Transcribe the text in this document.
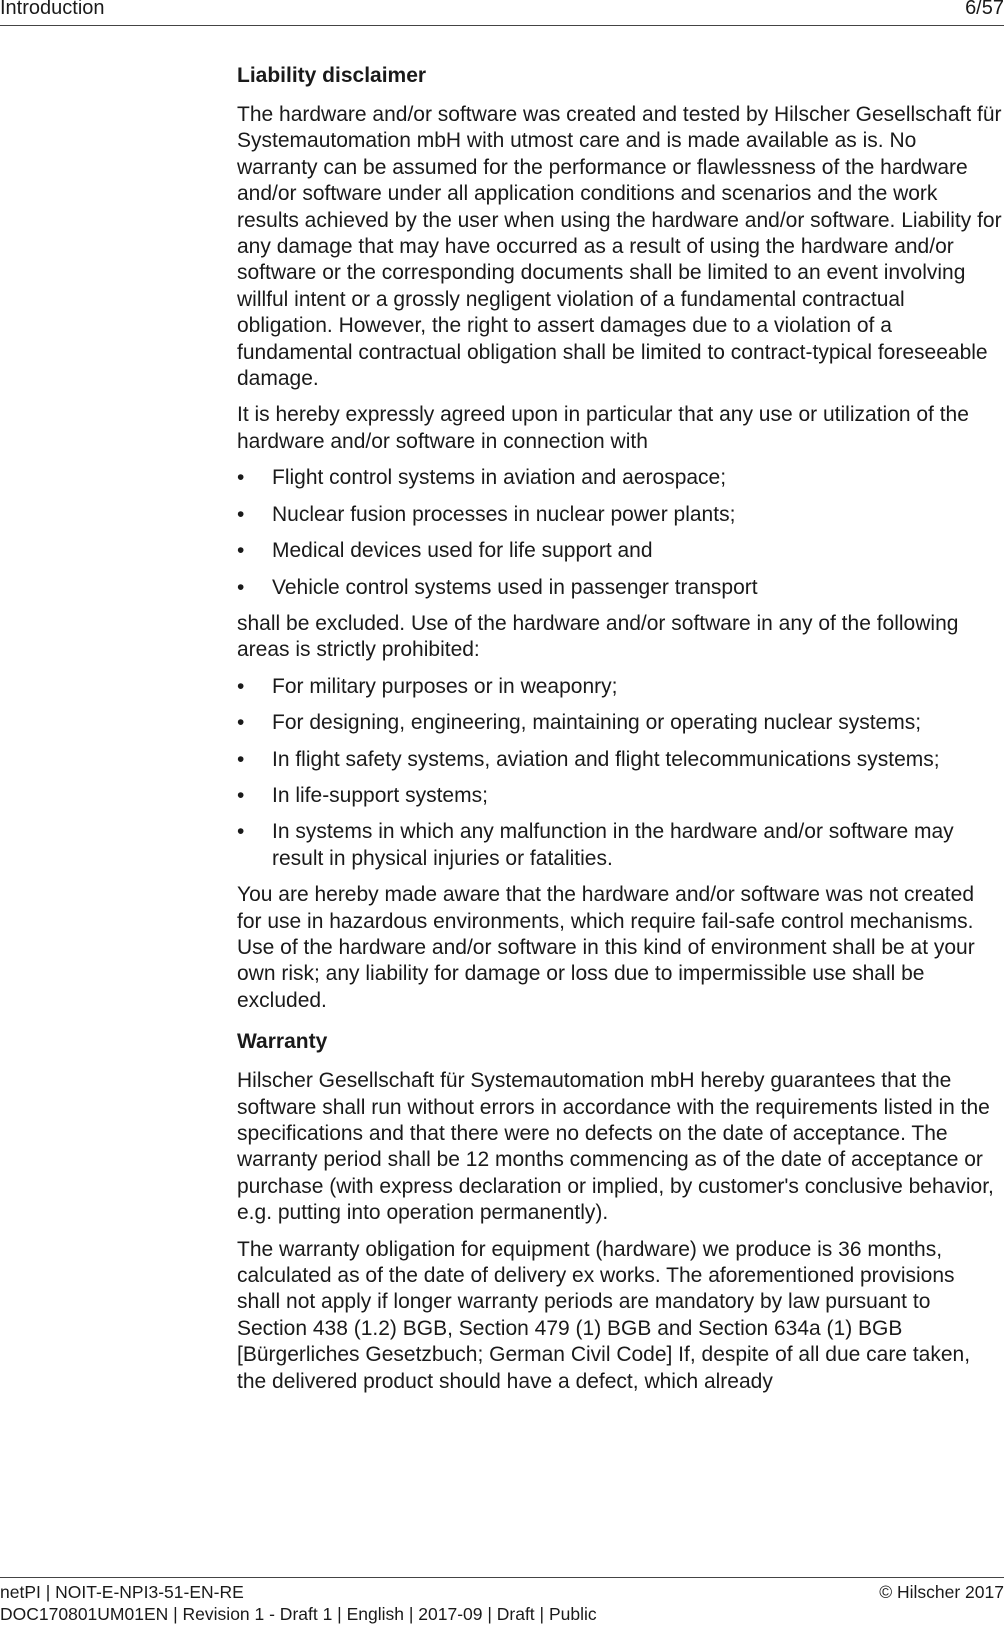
Introduction	6/57
Liability disclaimer

The hardware and/or software was created and tested by Hilscher Gesellschaft für Systemautomation mbH with utmost care and is made available as is. No warranty can be assumed for the performance or flawlessness of the hardware and/or software under all application conditions and scenarios and the work results achieved by the user when using the hardware and/or software. Liability for any damage that may have occurred as a result of using the hardware and/or software or the corresponding documents shall be limited to an event involving willful intent or a grossly negligent violation of a fundamental contractual obligation. However, the right to assert damages due to a violation of a fundamental contractual obligation shall be limited to contract-typical foreseeable damage.

It is hereby expressly agreed upon in particular that any use or utilization of the hardware and/or software in connection with

• Flight control systems in aviation and aerospace;
• Nuclear fusion processes in nuclear power plants;
• Medical devices used for life support and
• Vehicle control systems used in passenger transport

shall be excluded. Use of the hardware and/or software in any of the following areas is strictly prohibited:

• For military purposes or in weaponry;
• For designing, engineering, maintaining or operating nuclear systems;
• In flight safety systems, aviation and flight telecommunications systems;
• In life-support systems;
• In systems in which any malfunction in the hardware and/or software may result in physical injuries or fatalities.

You are hereby made aware that the hardware and/or software was not created for use in hazardous environments, which require fail-safe control mechanisms. Use of the hardware and/or software in this kind of environment shall be at your own risk; any liability for damage or loss due to impermissible use shall be excluded.

Warranty

Hilscher Gesellschaft für Systemautomation mbH hereby guarantees that the software shall run without errors in accordance with the requirements listed in the specifications and that there were no defects on the date of acceptance. The warranty period shall be 12 months commencing as of the date of acceptance or purchase (with express declaration or implied, by customer's conclusive behavior, e.g. putting into operation permanently).

The warranty obligation for equipment (hardware) we produce is 36 months, calculated as of the date of delivery ex works. The aforementioned provisions shall not apply if longer warranty periods are mandatory by law pursuant to Section 438 (1.2) BGB, Section 479 (1) BGB and Section 634a (1) BGB [Bürgerliches Gesetzbuch; German Civil Code] If, despite of all due care taken, the delivered product should have a defect, which already

netPI | NOIT-E-NPI3-51-EN-RE
DOC170801UM01EN | Revision 1 - Draft 1 | English | 2017-09 | Draft | Public
© Hilscher 2017
